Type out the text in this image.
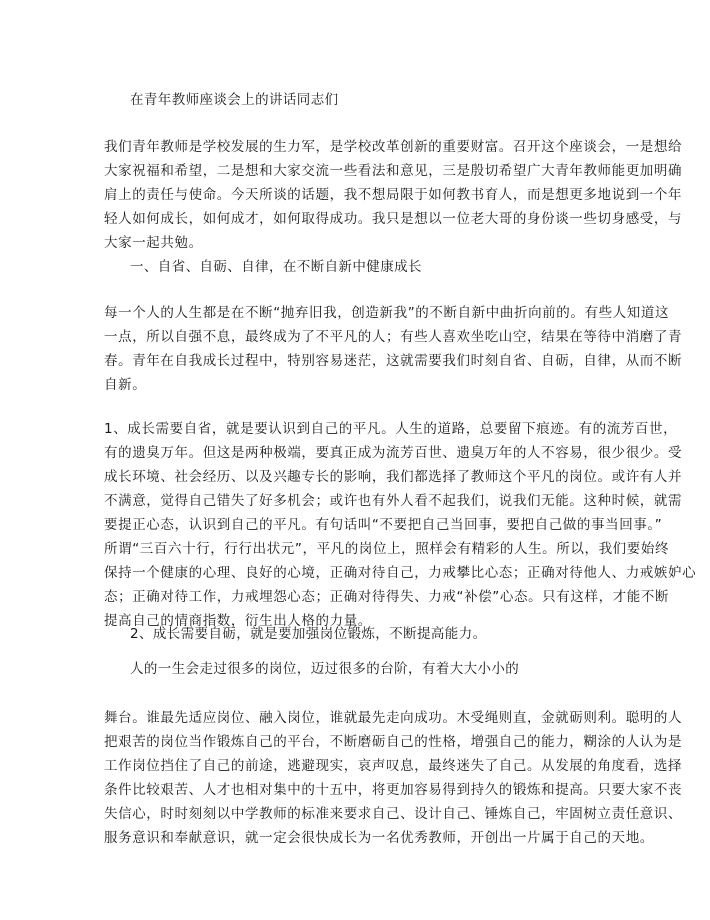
在青年教师座谈会上的讲话同志们
我们青年教师是学校发展的生力军，是学校改革创新的重要财富。召开这个座谈会，一是想给
大家祝福和希望，二是想和大家交流一些看法和意见，三是殷切希望广大青年教师能更加明确
肩上的责任与使命。今天所谈的话题，我不想局限于如何教书育人，而是想更多地说到一个年
轻人如何成长，如何成才，如何取得成功。我只是想以一位老大哥的身份谈一些切身感受，与
大家一起共勉。
一、自省、自砺、自律，在不断自新中健康成长
每一个人的人生都是在不断“抛弃旧我，创造新我”的不断自新中曲折向前的。有些人知道这
一点，所以自强不息，最终成为了不平凡的人；有些人喜欢坐吃山空，结果在等待中消磨了青
春。青年在自我成长过程中，特别容易迷茫，这就需要我们时刻自省、自砺，自律，从而不断
自新。
1、成长需要自省，就是要认识到自己的平凡。人生的道路，总要留下痕迹。有的流芳百世，
有的遗臭万年。但这是两种极端，要真正成为流芳百世、遗臭万年的人不容易，很少很少。受
成长环境、社会经历、以及兴趣专长的影响，我们都选择了教师这个平凡的岗位。或许有人并
不满意，觉得自己错失了好多机会；或许也有外人看不起我们，说我们无能。这种时候，就需
要提正心态，认识到自己的平凡。有句话叫“不要把自己当回事，要把自己做的事当回事。”
所谓“三百六十行，行行出状元”，平凡的岗位上，照样会有精彩的人生。所以，我们要始终
保持一个健康的心理、良好的心境，正确对待自己，力戒攀比心态；正确对待他人、力戒嫉妒心
态；正确对待工作，力戒埋怨心态；正确对待得失、力戒“补偿”心态。只有这样，才能不断
提高自己的情商指数，衍生出人格的力量。
2、成长需要自砺，就是要加强岗位锻炼，不断提高能力。
人的一生会走过很多的岗位，迈过很多的台阶，有着大大小小的
舞台。谁最先适应岗位、融入岗位，谁就最先走向成功。木受绳则直，金就砺则利。聪明的人
把艰苦的岗位当作锻炼自己的平台，不断磨砺自己的性格，增强自己的能力，糊涂的人认为是
工作岗位挡住了自己的前途，逃避现实，哀声叹息，最终迷失了自己。从发展的角度看，选择
条件比较艰苦、人才也相对集中的十五中，将更加容易得到持久的锻炼和提高。只要大家不丧
失信心，时时刻刻以中学教师的标准来要求自己、设计自己、锤炼自己，牢固树立责任意识、
服务意识和奉献意识，就一定会很快成长为一名优秀教师，开创出一片属于自己的天地。
